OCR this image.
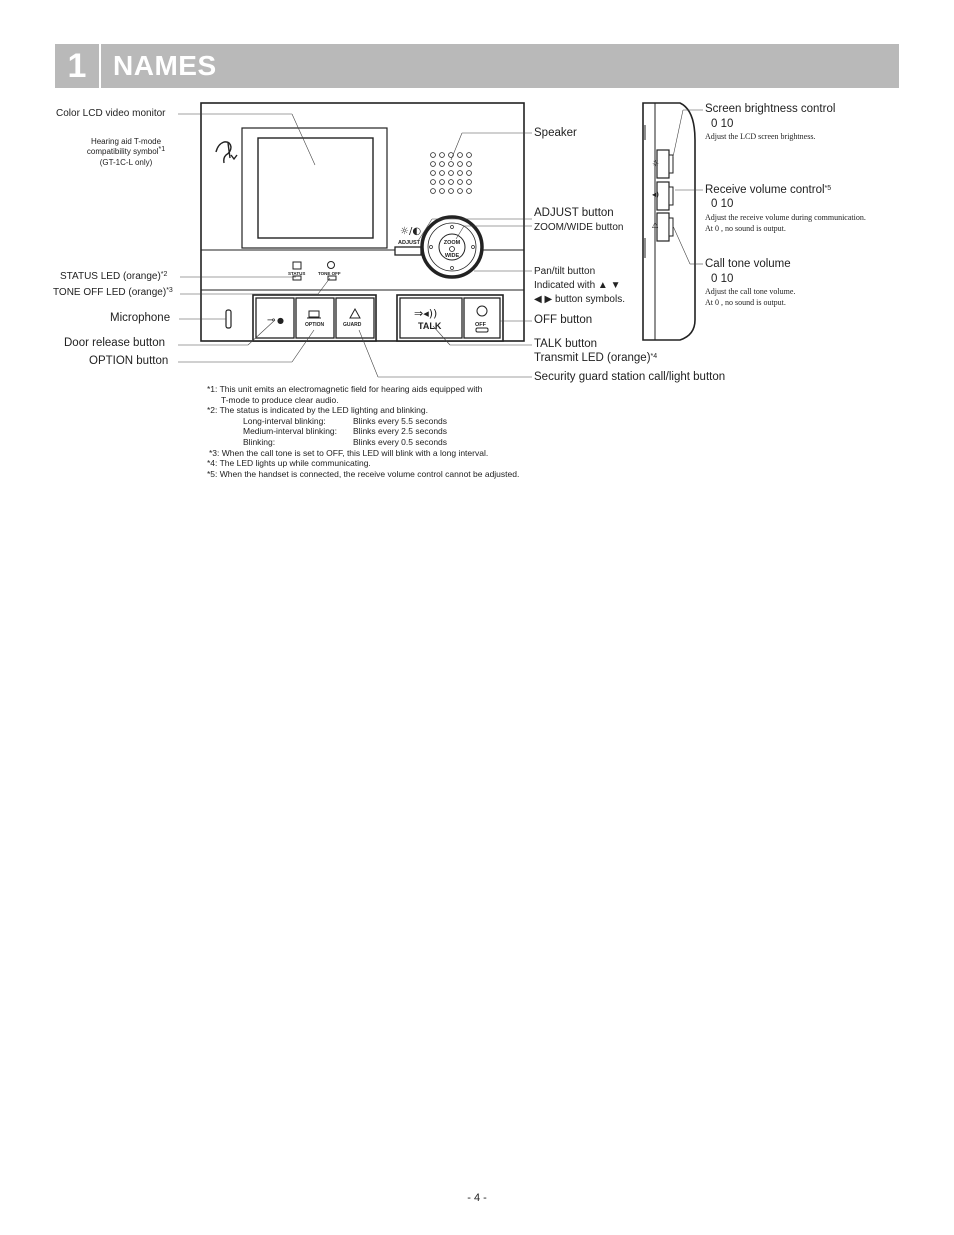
1 NAMES
☼/◐
ADJUST	ZOOM
WIDE
STATUS	TONE OFF
⊸ ●	OPTION	GUARD
⇒◂))
TALK	OFF
☼
◂)
△
Color LCD video monitor
Hearing aid T-mode
compatibility symbol*1
(GT-1C-L only)
STATUS LED (orange)$^{*2}$
TONE OFF LED (orange)$^{*3}$
Microphone
Door release button
OPTION button
Speaker
ADJUST button
ZOOM/WIDE button
Pan/tilt button
Indicated with ▲ ▼
◀ ▶ button symbols.
OFF button
TALK button
Transmit LED (orange)$^{*4}$
Security guard station call/light button
Screen brightness control
0 10
Adjust the LCD screen brightness.
Receive volume control$^{*5}$
0 10
Adjust the receive volume during communication.
At 0 , no sound is output.
Call tone volume
0 10
Adjust the call tone volume.
At 0 , no sound is output.
*1: This unit emits an electromagnetic field for hearing aids equipped with
T-mode to produce clear audio.
*2: The status is indicated by the LED lighting and blinking.
Long-interval blinking:	Blinks every 5.5 seconds
Medium-interval blinking: Blinks every 2.5 seconds
Blinking:	Blinks every 0.5 seconds
*3: When the call tone is set to OFF, this LED will blink with a long interval.
*4: The LED lights up while communicating.
*5: When the handset is connected, the receive volume control cannot be adjusted.
- 4 -
